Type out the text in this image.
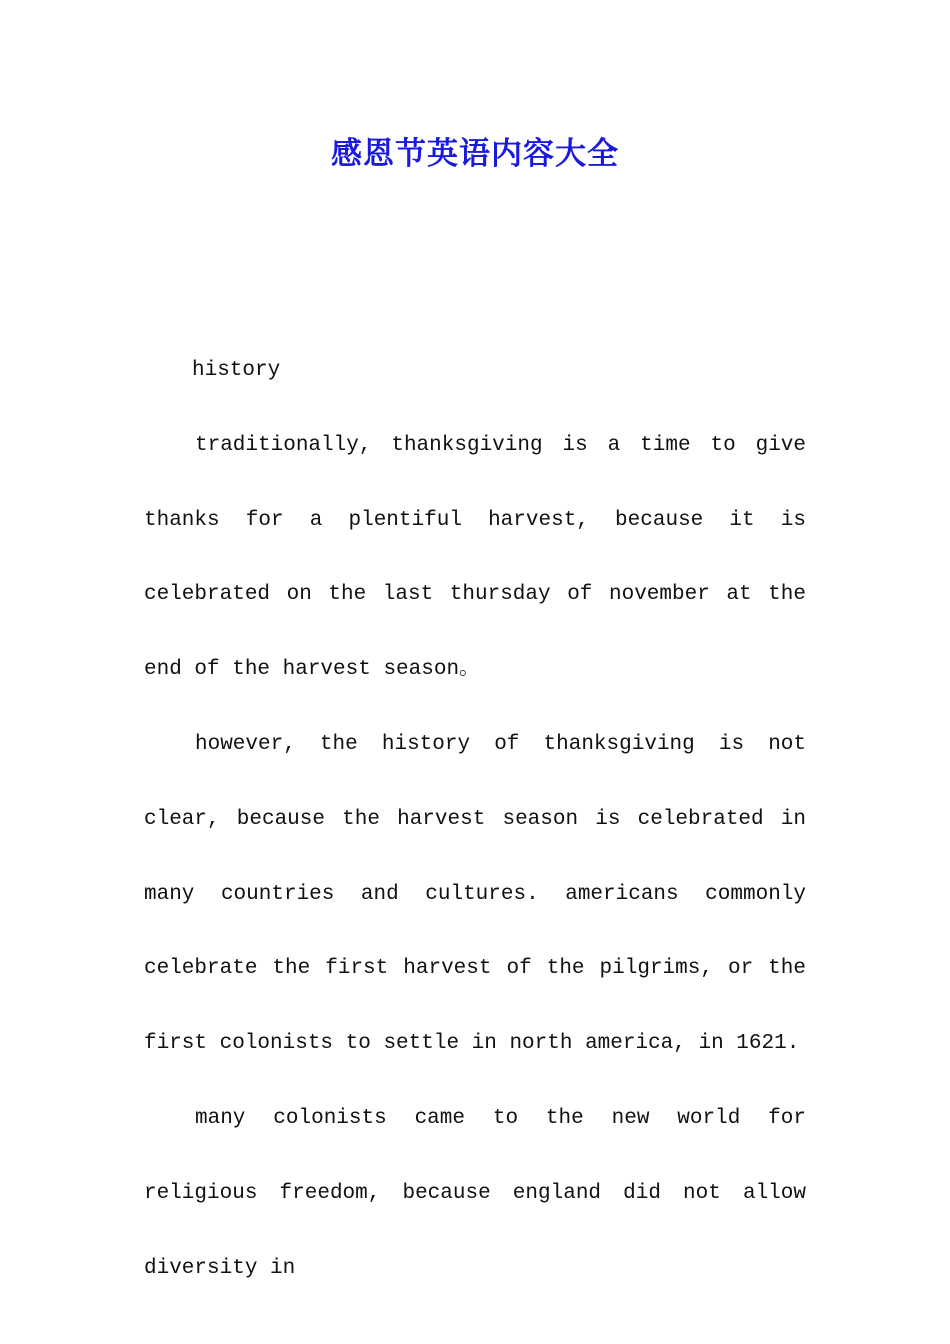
感恩节英语内容大全

history

traditionally, thanksgiving is a time to give thanks for a plentiful harvest, because it is celebrated on the last thursday of november at the end of the harvest season。

however, the history of thanksgiving is not clear, because the harvest season is celebrated in many countries and cultures. americans commonly celebrate the first harvest of the pilgrims, or the first colonists to settle in north america, in 1621.

many colonists came to the new world for religious freedom, because england did not allow diversity in
